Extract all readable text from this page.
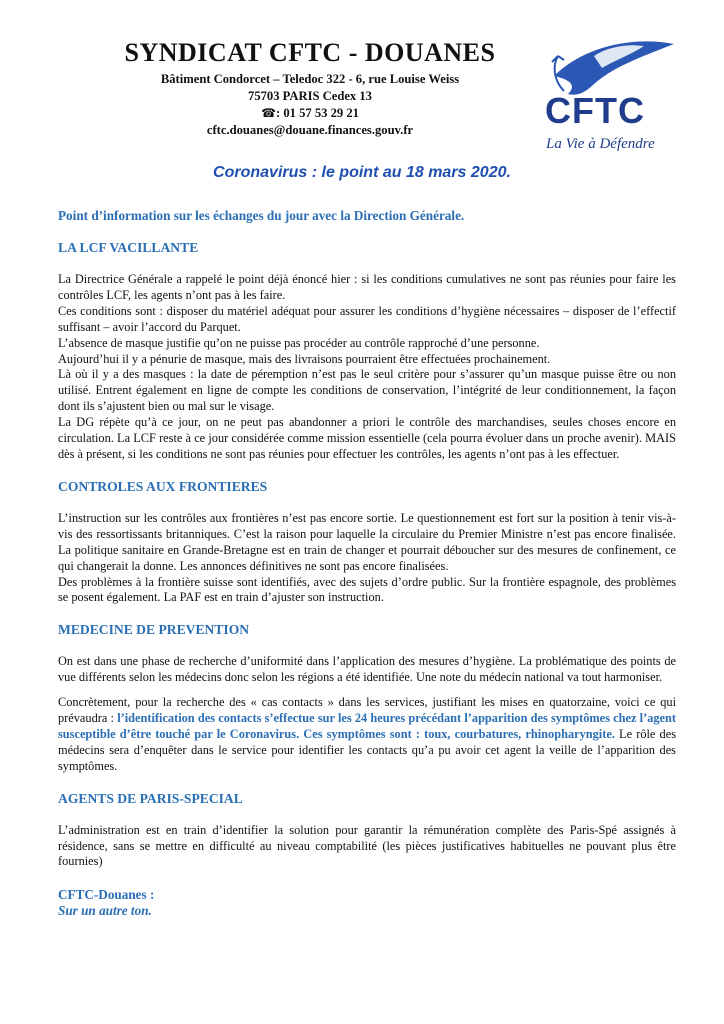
SYNDICAT CFTC - DOUANES
Bâtiment Condorcet – Teledoc 322 - 6, rue Louise Weiss
75703 PARIS Cedex 13
☎: 01 57 53 29 21
cftc.douanes@douane.finances.gouv.fr	CFTC
La Vie à Défendre
Coronavirus : le point au 18 mars 2020.

Point d’information sur les échanges du jour avec la Direction Générale.

LA LCF VACILLANTE

La Directrice Générale a rappelé le point déjà énoncé hier : si les conditions cumulatives ne sont pas réunies pour faire les contrôles LCF, les agents n’ont pas à les faire.

Ces conditions sont : disposer du matériel adéquat pour assurer les conditions d’hygiène nécessaires – disposer de l’effectif suffisant – avoir l’accord du Parquet.

L’absence de masque justifie qu’on ne puisse pas procéder au contrôle rapproché d’une personne.

Aujourd’hui il y a pénurie de masque, mais des livraisons pourraient être effectuées prochainement.

Là où il y a des masques : la date de péremption n’est pas le seul critère pour s’assurer qu’un masque puisse être ou non utilisé. Entrent également en ligne de compte les conditions de conservation, l’intégrité de leur conditionnement, la façon dont ils s’ajustent bien ou mal sur le visage.

La DG répète qu’à ce jour, on ne peut pas abandonner a priori le contrôle des marchandises, seules choses encore en circulation. La LCF reste à ce jour considérée comme mission essentielle (cela pourra évoluer dans un proche avenir). MAIS dès à présent, si les conditions ne sont pas réunies pour effectuer les contrôles, les agents n’ont pas à les effectuer.

CONTROLES AUX FRONTIERES

L’instruction sur les contrôles aux frontières n’est pas encore sortie. Le questionnement est fort sur la position à tenir vis-à-vis des ressortissants britanniques. C’est la raison pour laquelle la circulaire du Premier Ministre n’est pas encore finalisée. La politique sanitaire en Grande-Bretagne est en train de changer et pourrait déboucher sur des mesures de confinement, ce qui changerait la donne. Les annonces définitives ne sont pas encore finalisées.

Des problèmes à la frontière suisse sont identifiés, avec des sujets d’ordre public. Sur la frontière espagnole, des problèmes se posent également. La PAF est en train d’ajuster son instruction.

MEDECINE DE PREVENTION

On est dans une phase de recherche d’uniformité dans l’application des mesures d’hygiène. La problématique des points de vue différents selon les médecins donc selon les régions a été identifiée. Une note du médecin national va tout harmoniser.

Concrètement, pour la recherche des « cas contacts » dans les services, justifiant les mises en quatorzaine, voici ce qui prévaudra : l’identification des contacts s’effectue sur les 24 heures précédant l’apparition des symptômes chez l’agent susceptible d’être touché par le Coronavirus. Ces symptômes sont : toux, courbatures, rhinopharyngite. Le rôle des médecins sera d’enquêter dans le service pour identifier les contacts qu’a pu avoir cet agent la veille de l’apparition des symptômes.

AGENTS DE PARIS-SPECIAL

L’administration est en train d’identifier la solution pour garantir la rémunération complète des Paris-Spé assignés à résidence, sans se mettre en difficulté au niveau comptabilité (les pièces justificatives habituelles ne pouvant plus être fournies)

CFTC-Douanes :

Sur un autre ton.
